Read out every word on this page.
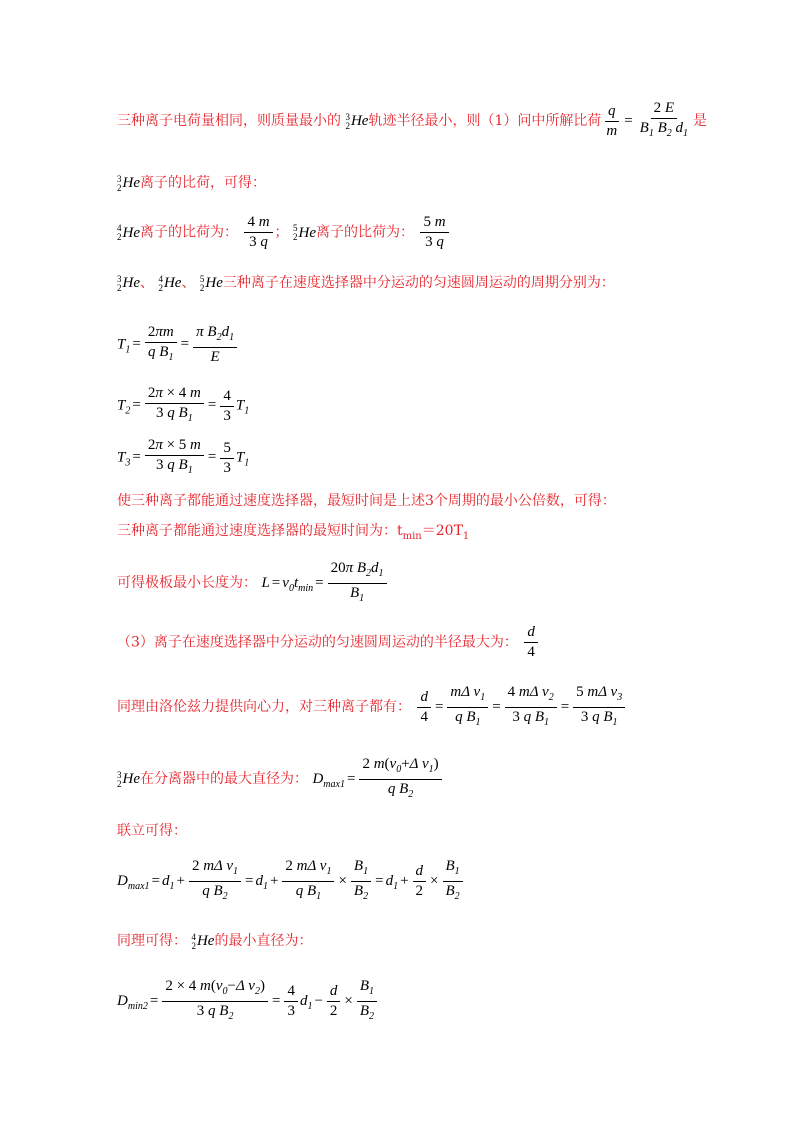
三种离子电荷量相同，则质量最小的 3
2 He轨迹半径最小，则（1）问中所解比荷 $\frac{q}{m} = \frac{2 E}{B_1 B_2 d_1}$ 是
3
2 He离子的比荷，可得：
4
2 He离子的比荷为： $\frac{4 m}{3 q}$ ； 5
2 He离子的比荷为： $\frac{5 m}{3 q}$
3
2 He、 4
2 He、 5
2 He三种离子在速度选择器中分运动的匀速圆周运动的周期分别为：
$T_1 = \frac{2\pi m}{q B_1} = \frac{\pi B_2d_1}{E}$
$T_2 = \frac{2\pi \times 4 m}{3 q B_1} = \frac{4}{3} T_1$
$T_3 = \frac{2\pi \times 5 m}{3 q B_1} = \frac{5}{3} T_1$
使三种离子都能通过速度选择器，最短时间是上述3个周期的最小公倍数，可得：
三种离子都能通过速度选择器的最短时间为：$t_{min}=20T_1$
可得极板最小长度为： $L = v_0t_{min} = \frac{20\pi B_2d_1}{B_1}$
（3）离子在速度选择器中分运动的匀速圆周运动的半径最大为： $\frac{d}{4}$
同理由洛伦兹力提供向心力，对三种离子都有： $\frac{d}{4} = \frac{m\Delta v_1}{q B_1} = \frac{4 m\Delta v_2}{3 q B_1} = \frac{5 m\Delta v_3}{3 q B_1}$
3
2 He在分离器中的最大直径为： $D_{max1} = \frac{2 m(v_0+\Delta v_1)}{q B_2}$
联立可得：
$D_{max1} = d_1 + \frac{2 m\Delta v_1}{q B_2} = d_1 + \frac{2 m\Delta v_1}{q B_1} \times \frac{B_1}{B_2} = d_1 + \frac{d}{2} \times \frac{B_1}{B_2}$
同理可得： 4
2 He的最小直径为：
$D_{min2} = \frac{2 \times 4 m(v_0-\Delta v_2)}{3 q B_2} = \frac{4}{3} d_1 - \frac{d}{2} \times \frac{B_1}{B_2}$
